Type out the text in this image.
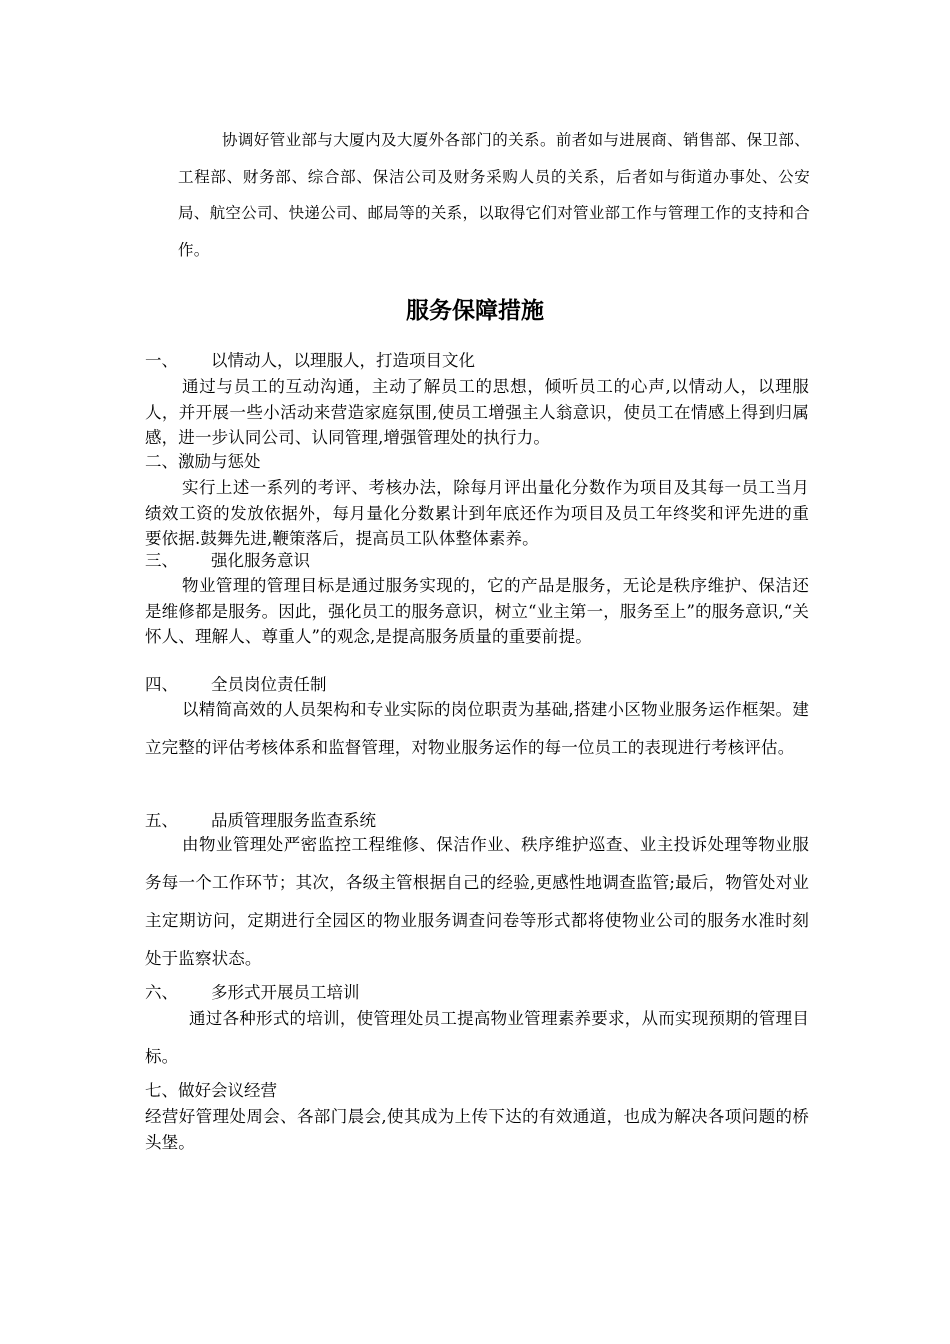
协调好管业部与大厦内及大厦外各部门的关系。前者如与进展商、销售部、保卫部、工程部、财务部、综合部、保洁公司及财务采购人员的关系，后者如与街道办事处、公安局、航空公司、快递公司、邮局等的关系，以取得它们对管业部工作与管理工作的支持和合作。

服务保障措施
一、 以情动人，以理服人，打造项目文化

通过与员工的互动沟通，主动了解员工的思想，倾听员工的心声,以情动人，以理服人，并开展一些小活动来营造家庭氛围,使员工增强主人翁意识，使员工在情感上得到归属感，进一步认同公司、认同管理,增强管理处的执行力。

二、激励与惩处

实行上述一系列的考评、考核办法，除每月评出量化分数作为项目及其每一员工当月绩效工资的发放依据外，每月量化分数累计到年底还作为项目及员工年终奖和评先进的重要依据.鼓舞先进,鞭策落后，提高员工队体整体素养。

三、 强化服务意识

物业管理的管理目标是通过服务实现的，它的产品是服务，无论是秩序维护、保洁还是维修都是服务。因此，强化员工的服务意识，树立“业主第一，服务至上”的服务意识,“关怀人、理解人、尊重人”的观念,是提高服务质量的重要前提。

四、 全员岗位责任制

以精简高效的人员架构和专业实际的岗位职责为基础,搭建小区物业服务运作框架。建立完整的评估考核体系和监督管理，对物业服务运作的每一位员工的表现进行考核评估。

五、 品质管理服务监查系统

由物业管理处严密监控工程维修、保洁作业、秩序维护巡查、业主投诉处理等物业服务每一个工作环节；其次，各级主管根据自己的经验,更感性地调查监管;最后，物管处对业主定期访问，定期进行全园区的物业服务调查问卷等形式都将使物业公司的服务水准时刻处于监察状态。

六、 多形式开展员工培训

通过各种形式的培训，使管理处员工提高物业管理素养要求，从而实现预期的管理目标。

七、做好会议经营

经营好管理处周会、各部门晨会,使其成为上传下达的有效通道，也成为解决各项问题的桥头堡。
